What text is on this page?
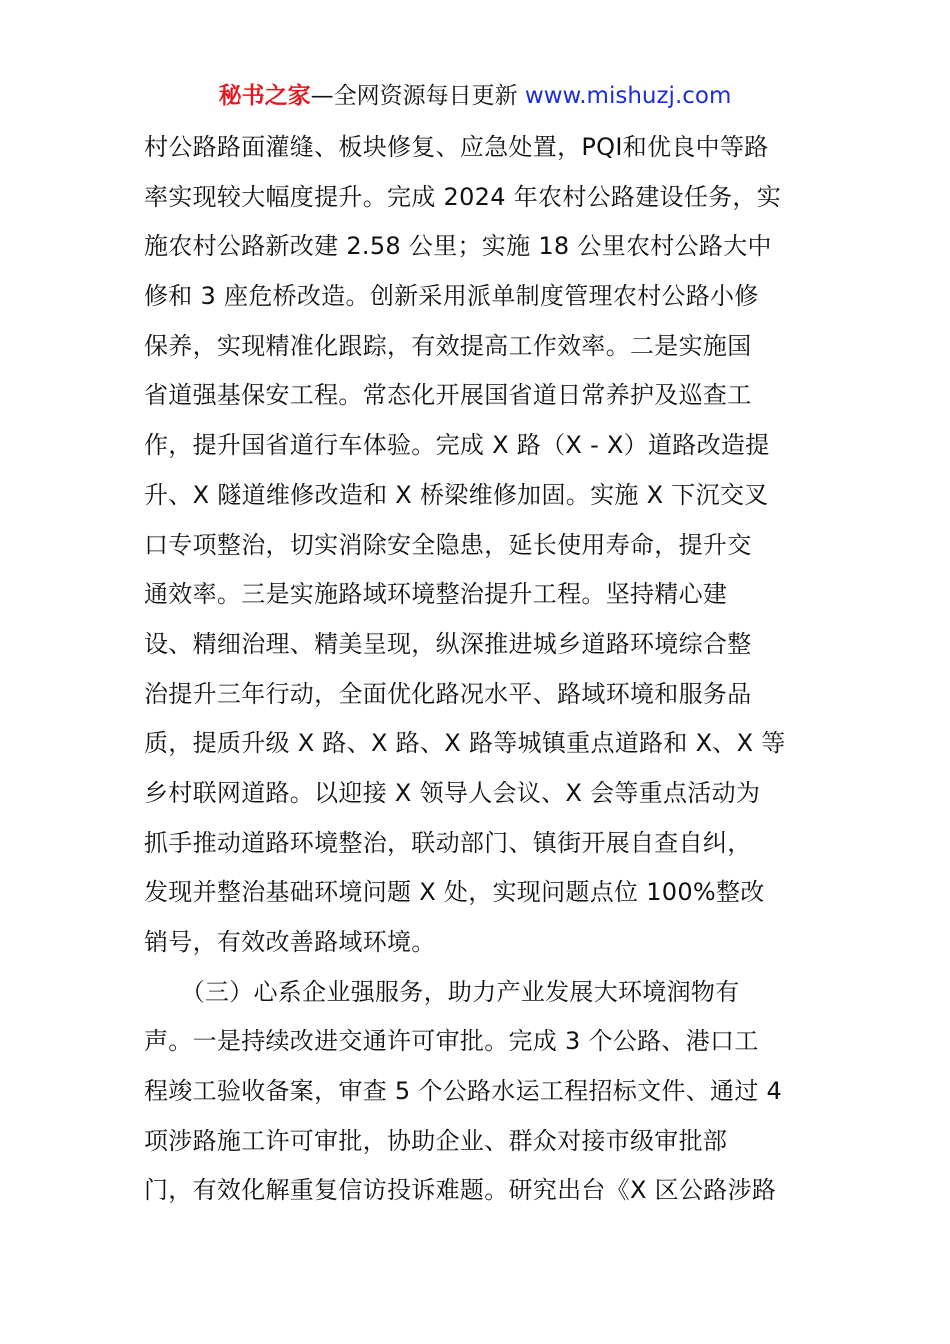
秘书之家—全网资源每日更新 www.mishuzj.com
村公路路面灌缝、板块修复、应急处置，PQI和优良中等路
率实现较大幅度提升。完成 2024 年农村公路建设任务，实
施农村公路新改建 2.58 公里；实施 18 公里农村公路大中
修和 3 座危桥改造。创新采用派单制度管理农村公路小修
保养，实现精准化跟踪，有效提高工作效率。二是实施国
省道强基保安工程。常态化开展国省道日常养护及巡查工
作，提升国省道行车体验。完成 X 路（X - X）道路改造提
升、X 隧道维修改造和 X 桥梁维修加固。实施 X 下沉交叉
口专项整治，切实消除安全隐患，延长使用寿命，提升交
通效率。三是实施路域环境整治提升工程。坚持精心建
设、精细治理、精美呈现，纵深推进城乡道路环境综合整
治提升三年行动，全面优化路况水平、路域环境和服务品
质，提质升级 X 路、X 路、X 路等城镇重点道路和 X、X 等
乡村联网道路。以迎接 X 领导人会议、X 会等重点活动为
抓手推动道路环境整治，联动部门、镇街开展自查自纠，
发现并整治基础环境问题 X 处，实现问题点位 100%整改
销号，有效改善路域环境。
　　（三）心系企业强服务，助力产业发展大环境润物有
声。一是持续改进交通许可审批。完成 3 个公路、港口工
程竣工验收备案，审查 5 个公路水运工程招标文件、通过 4
项涉路施工许可审批，协助企业、群众对接市级审批部
门，有效化解重复信访投诉难题。研究出台《X 区公路涉路
